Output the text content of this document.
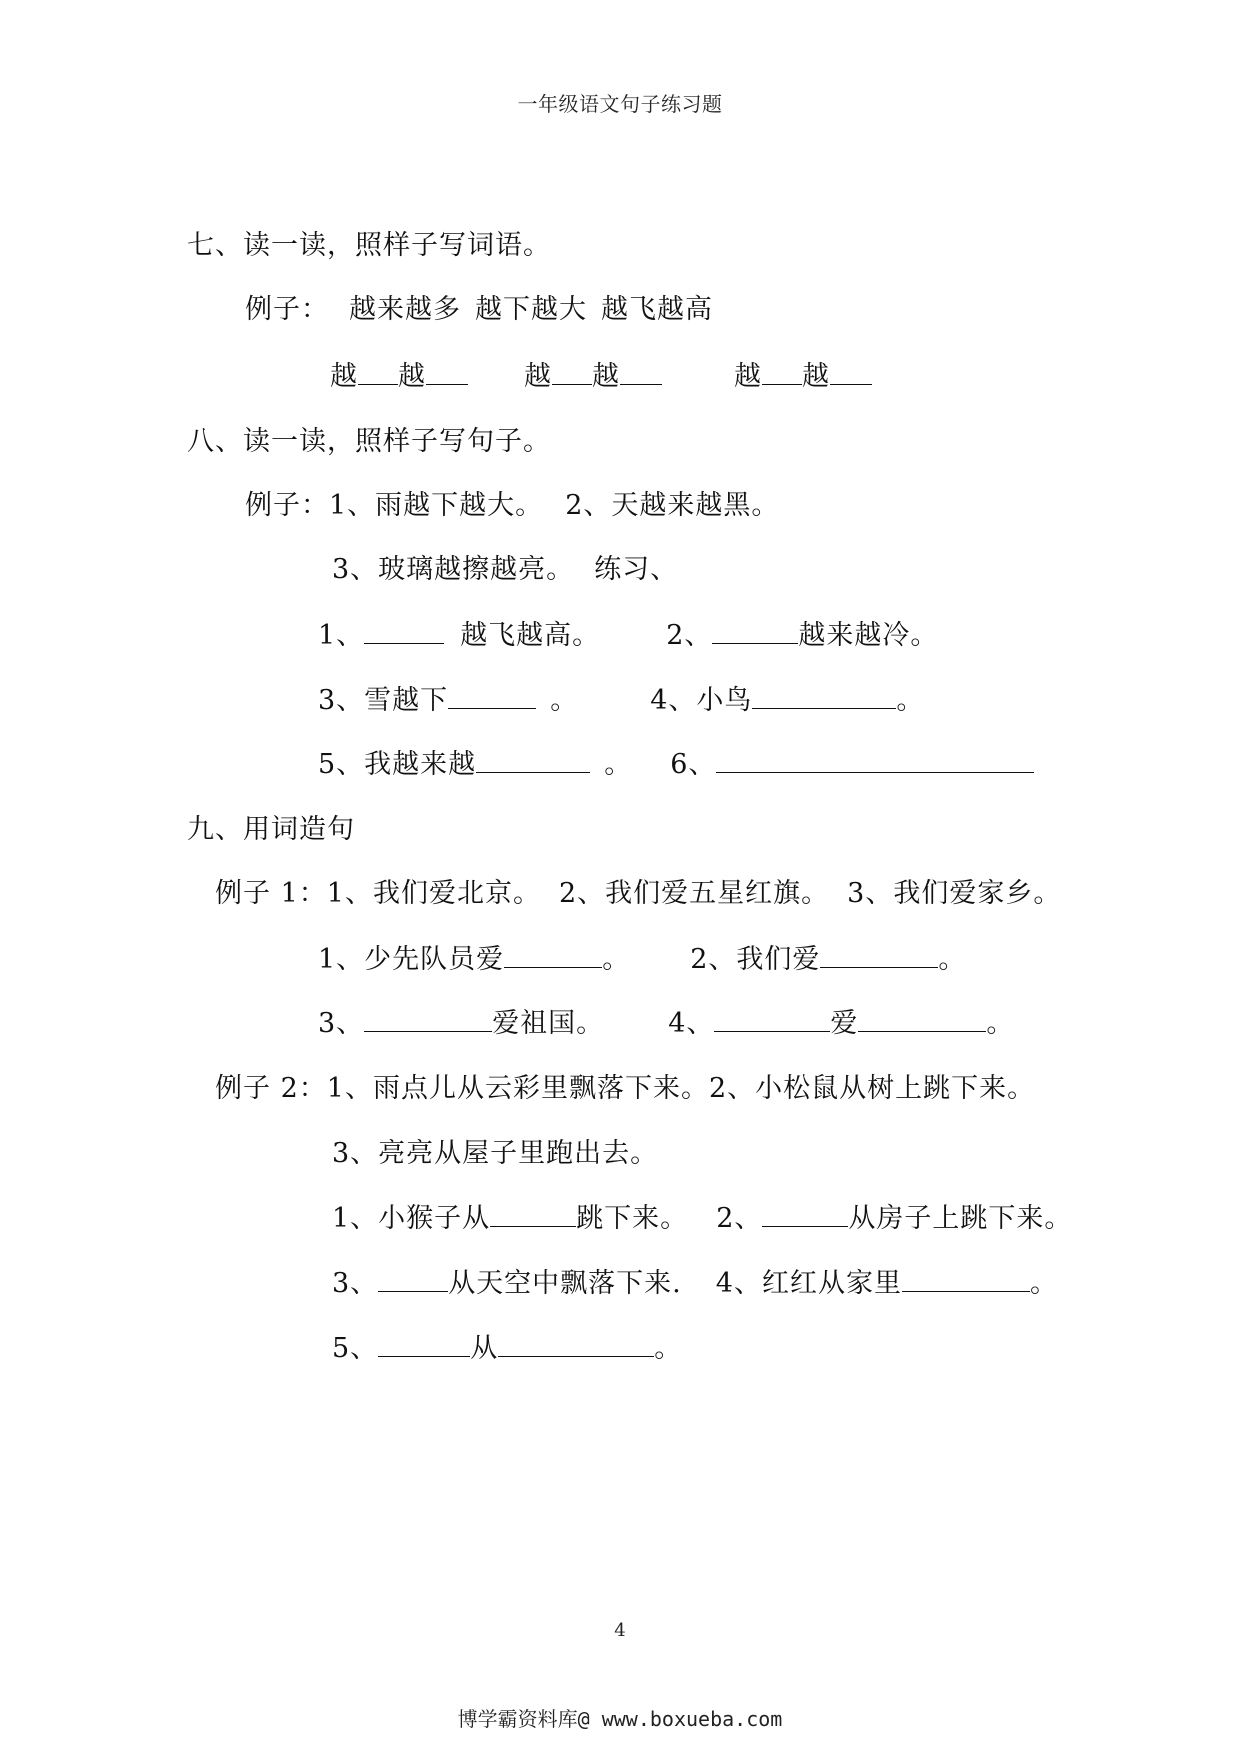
一年级语文句子练习题
七、读一读，照样子写词语。
例子： 越来越多 越下越大 越飞越高
越 越	越 越	越 越
八、读一读，照样子写句子。
例子：1、雨越下越大。 2、天越来越黑。
3、玻璃越擦越亮。 练习、
1、	越飞越高。 2、	越来越冷。
3、雪越下	。	4、小鸟	。
5、我越来越	。 6、
九、用词造句
例子 1：1、我们爱北京。 2、我们爱五星红旗。 3、我们爱家乡。
1、少先队员爱	。 2、我们爱	。
3、	爱祖国。 4、	爱	。
例子 2：1、雨点儿从云彩里飘落下来。2、小松鼠从树上跳下来。
3、亮亮从屋子里跑出去。
1、小猴子从	跳下来。 2、	从房子上跳下来。
3、	从天空中飘落下来. 4、红红从家里	。
5、	从	。
4
博学霸资料库@ www.boxueba.com
